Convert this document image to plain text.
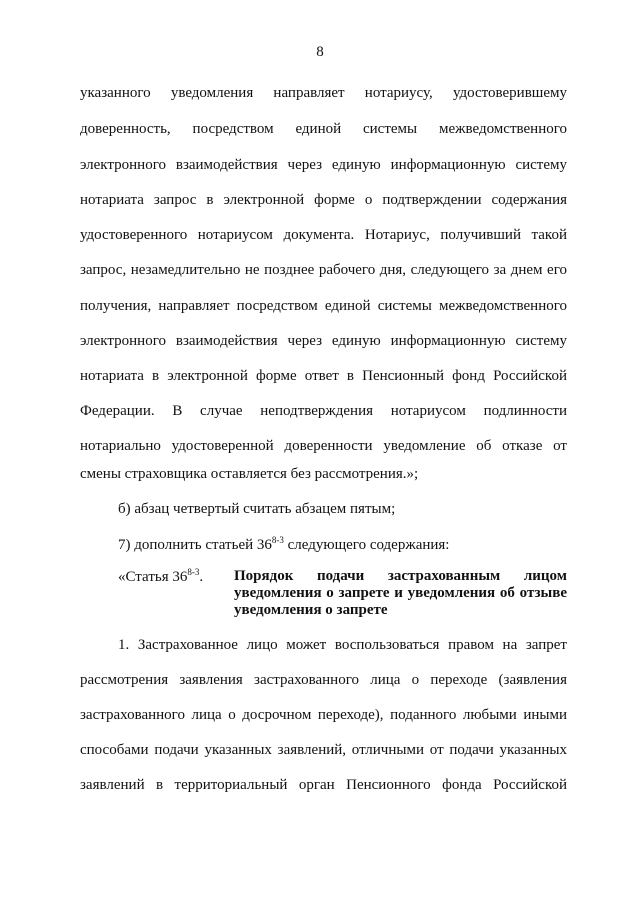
8
указанного уведомления направляет нотариусу, удостоверившему
доверенность, посредством единой системы межведомственного
электронного взаимодействия через единую информационную систему
нотариата запрос в электронной форме о подтверждении содержания
удостоверенного нотариусом документа. Нотариус, получивший такой
запрос, незамедлительно не позднее рабочего дня, следующего за днем его
получения, направляет посредством единой системы межведомственного
электронного взаимодействия через единую информационную систему
нотариата в электронной форме ответ в Пенсионный фонд Российской
Федерации. В случае неподтверждения нотариусом подлинности
нотариально удостоверенной доверенности уведомление об отказе от
смены страховщика оставляется без рассмотрения.»;
б) абзац четвертый считать абзацем пятым;
7) дополнить статьей 36$^{8-3}$ следующего содержания:
«Статья 36$^{8-3}$. Порядок подачи застрахованным лицом
уведомления о запрете и уведомления об отзыве
уведомления о запрете
1. Застрахованное лицо может воспользоваться правом на запрет
рассмотрения заявления застрахованного лица о переходе (заявления
застрахованного лица о досрочном переходе), поданного любыми иными
способами подачи указанных заявлений, отличными от подачи указанных
заявлений в территориальный орган Пенсионного фонда Российской
